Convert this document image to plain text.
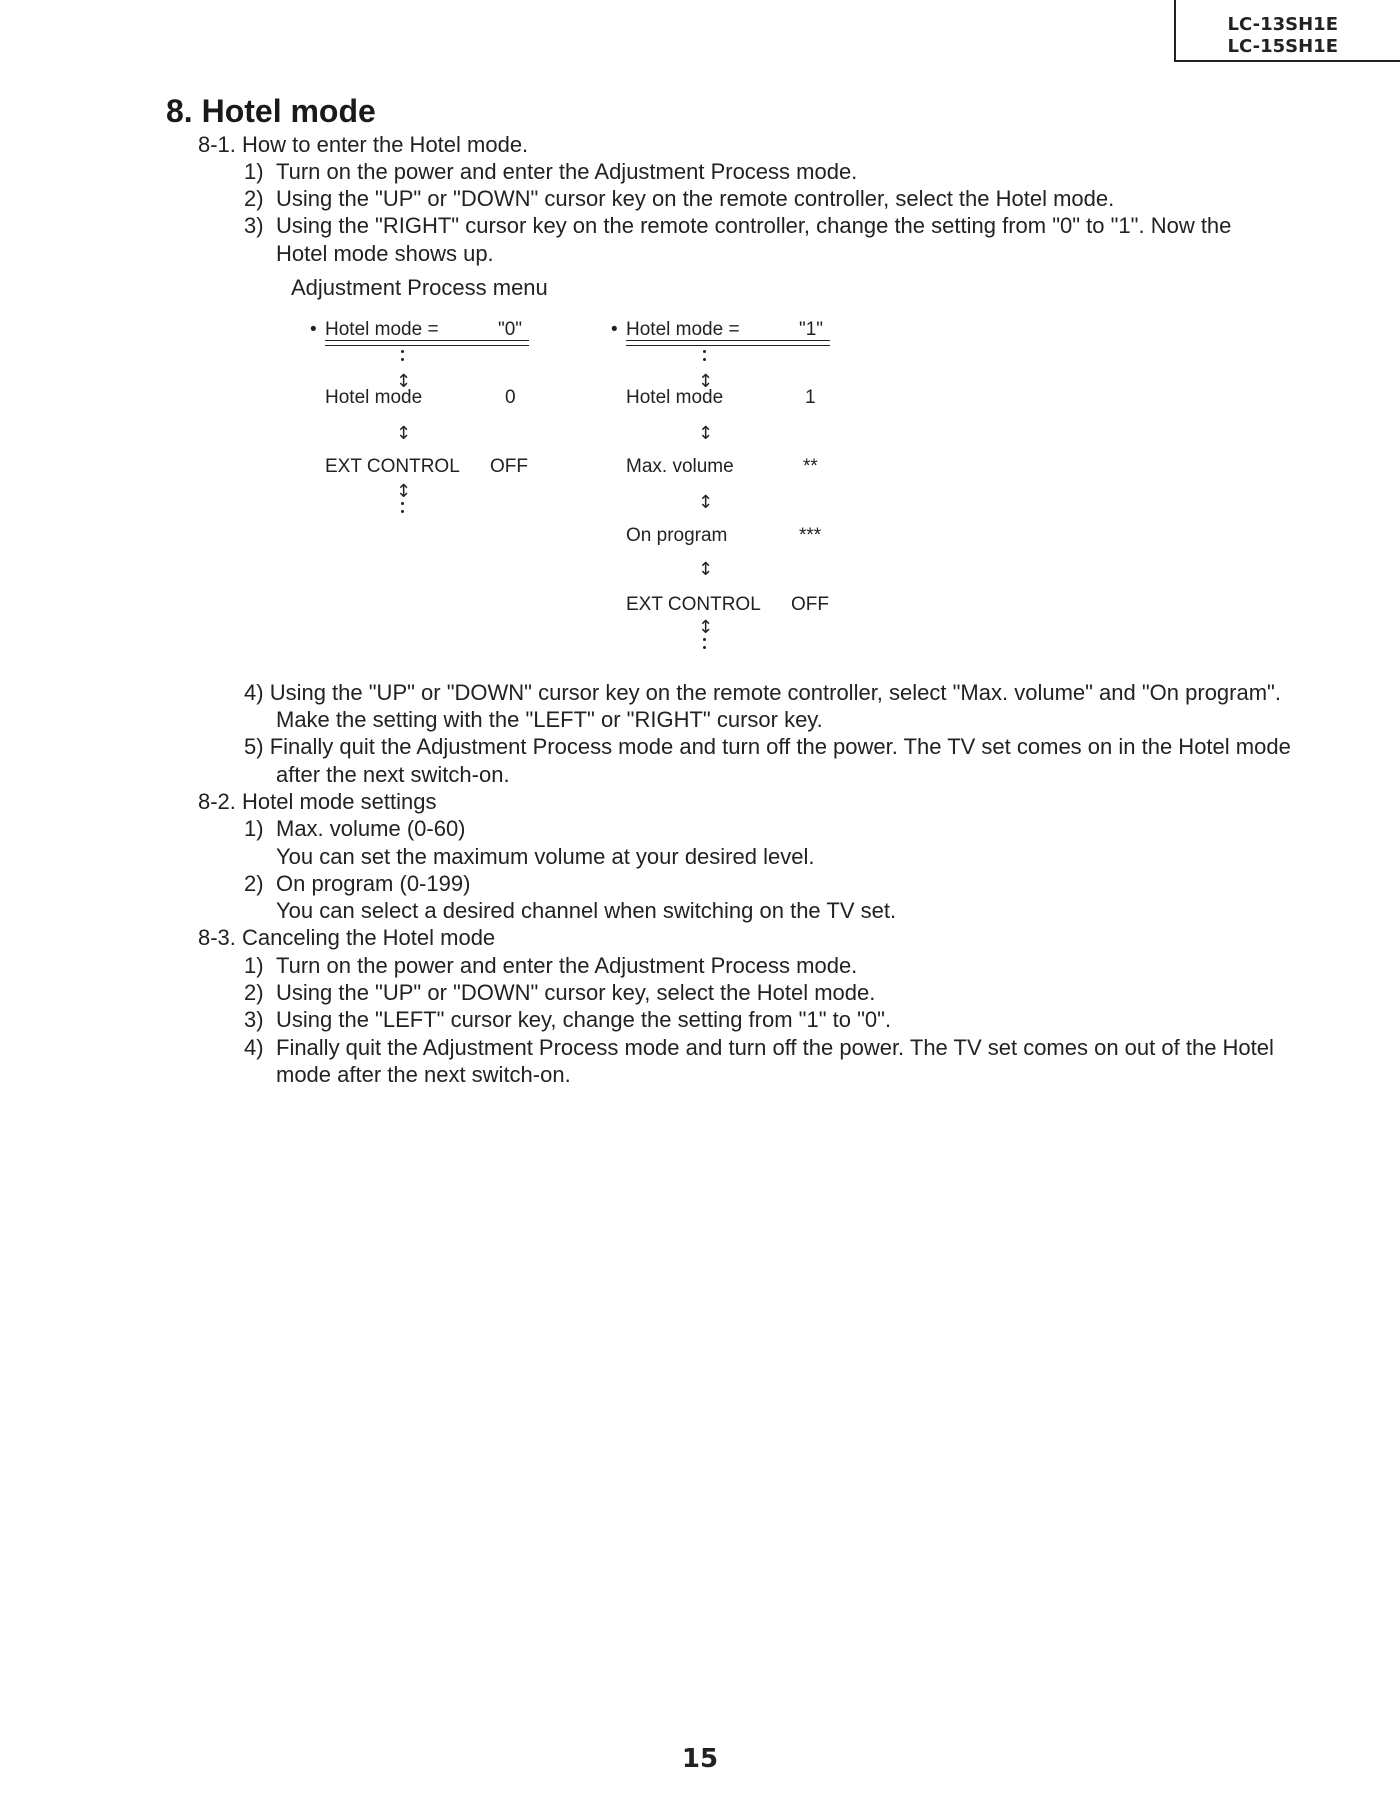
LC-13SH1E
LC-15SH1E
8. Hotel mode
8-1. How to enter the Hotel mode.
1) Turn on the power and enter the Adjustment Process mode.
2) Using the "UP" or "DOWN" cursor key on the remote controller, select the Hotel mode.
3) Using the "RIGHT" cursor key on the remote controller, change the setting from "0" to "1". Now the
Hotel mode shows up.
Adjustment Process menu
• Hotel mode =	"0"
↕
Hotel mode	0
↕
EXT CONTROL OFF
↕
• Hotel mode =	"1"
↕
Hotel mode	1
↕
Max. volume	**
↕
On program	***
↕
EXT CONTROL OFF
↕
4) Using the "UP" or "DOWN" cursor key on the remote controller, select "Max. volume" and "On program".
Make the setting with the "LEFT" or "RIGHT" cursor key.
5) Finally quit the Adjustment Process mode and turn off the power. The TV set comes on in the Hotel mode
after the next switch-on.
8-2. Hotel mode settings
1) Max. volume (0-60)
You can set the maximum volume at your desired level.
2) On program (0-199)
You can select a desired channel when switching on the TV set.
8-3. Canceling the Hotel mode
1) Turn on the power and enter the Adjustment Process mode.
2) Using the "UP" or "DOWN" cursor key, select the Hotel mode.
3) Using the "LEFT" cursor key, change the setting from "1" to "0".
4) Finally quit the Adjustment Process mode and turn off the power. The TV set comes on out of the Hotel
mode after the next switch-on.
15
